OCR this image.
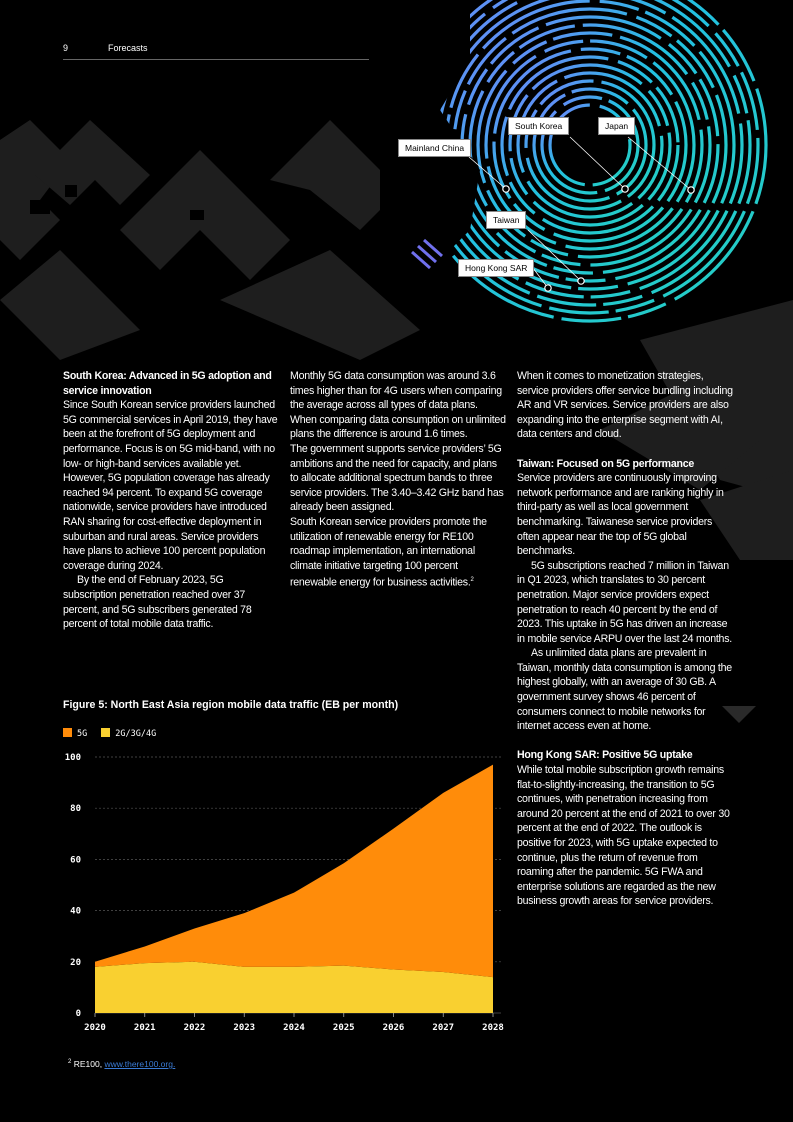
9	Forecasts
Mainland China
South Korea	Japan
Taiwan
Hong Kong SAR
South Korea: Advanced in 5G adoption and service innovation

Since South Korean service providers launched 5G commercial services in April 2019, they have been at the forefront of 5G deployment and performance. Focus is on 5G mid-band, with no low- or high-band services available yet. However, 5G population coverage has already reached 94 percent. To expand 5G coverage nationwide, service providers have introduced RAN sharing for cost-effective deployment in suburban and rural areas. Service providers have plans to achieve 100 percent population coverage during 2024.

By the end of February 2023, 5G subscription penetration reached over 37 percent, and 5G subscribers generated 78 percent of total mobile data traffic.

Monthly 5G data consumption was around 3.6 times higher than for 4G users when comparing the average across all types of data plans. When comparing data consumption on unlimited plans the difference is around 1.6 times.

The government supports service providers’ 5G ambitions and the need for capacity, and plans to allocate additional spectrum bands to three service providers. The 3.40–3.42 GHz band has already been assigned.

South Korean service providers promote the utilization of renewable energy for RE100 roadmap implementation, an international climate initiative targeting 100 percent renewable energy for business activities.$^2$

When it comes to monetization strategies, service providers offer service bundling including AR and VR services. Service providers are also expanding into the enterprise segment with AI, data centers and cloud.

Taiwan: Focused on 5G performance

Service providers are continuously improving network performance and are ranking highly in third-party as well as local government benchmarking. Taiwanese service providers often appear near the top of 5G global benchmarks.

5G subscriptions reached 7 million in Taiwan in Q1 2023, which translates to 30 percent penetration. Major service providers expect penetration to reach 40 percent by the end of 2023. This uptake in 5G has driven an increase in mobile service ARPU over the last 24 months.

As unlimited data plans are prevalent in Taiwan, monthly data consumption is among the highest globally, with an average of 30 GB. A government survey shows 46 percent of consumers connect to mobile networks for internet access even at home.

Hong Kong SAR: Positive 5G uptake

While total mobile subscription growth remains flat-to-slightly-increasing, the transition to 5G continues, with penetration increasing from around 20 percent at the end of 2021 to over 30 percent at the end of 2022. The outlook is positive for 2023, with 5G uptake expected to continue, plus the return of revenue from roaming after the pandemic. 5G FWA and enterprise solutions are regarded as the new business growth areas for service providers.

Figure 5: North East Asia region mobile data traffic (EB per month)
5G	2G/3G/4G
0
20
40
60
80
100
2020	2021	2022	2023	2024	2025	2026	2027	2028
$^2$ RE100, www.there100.org.
